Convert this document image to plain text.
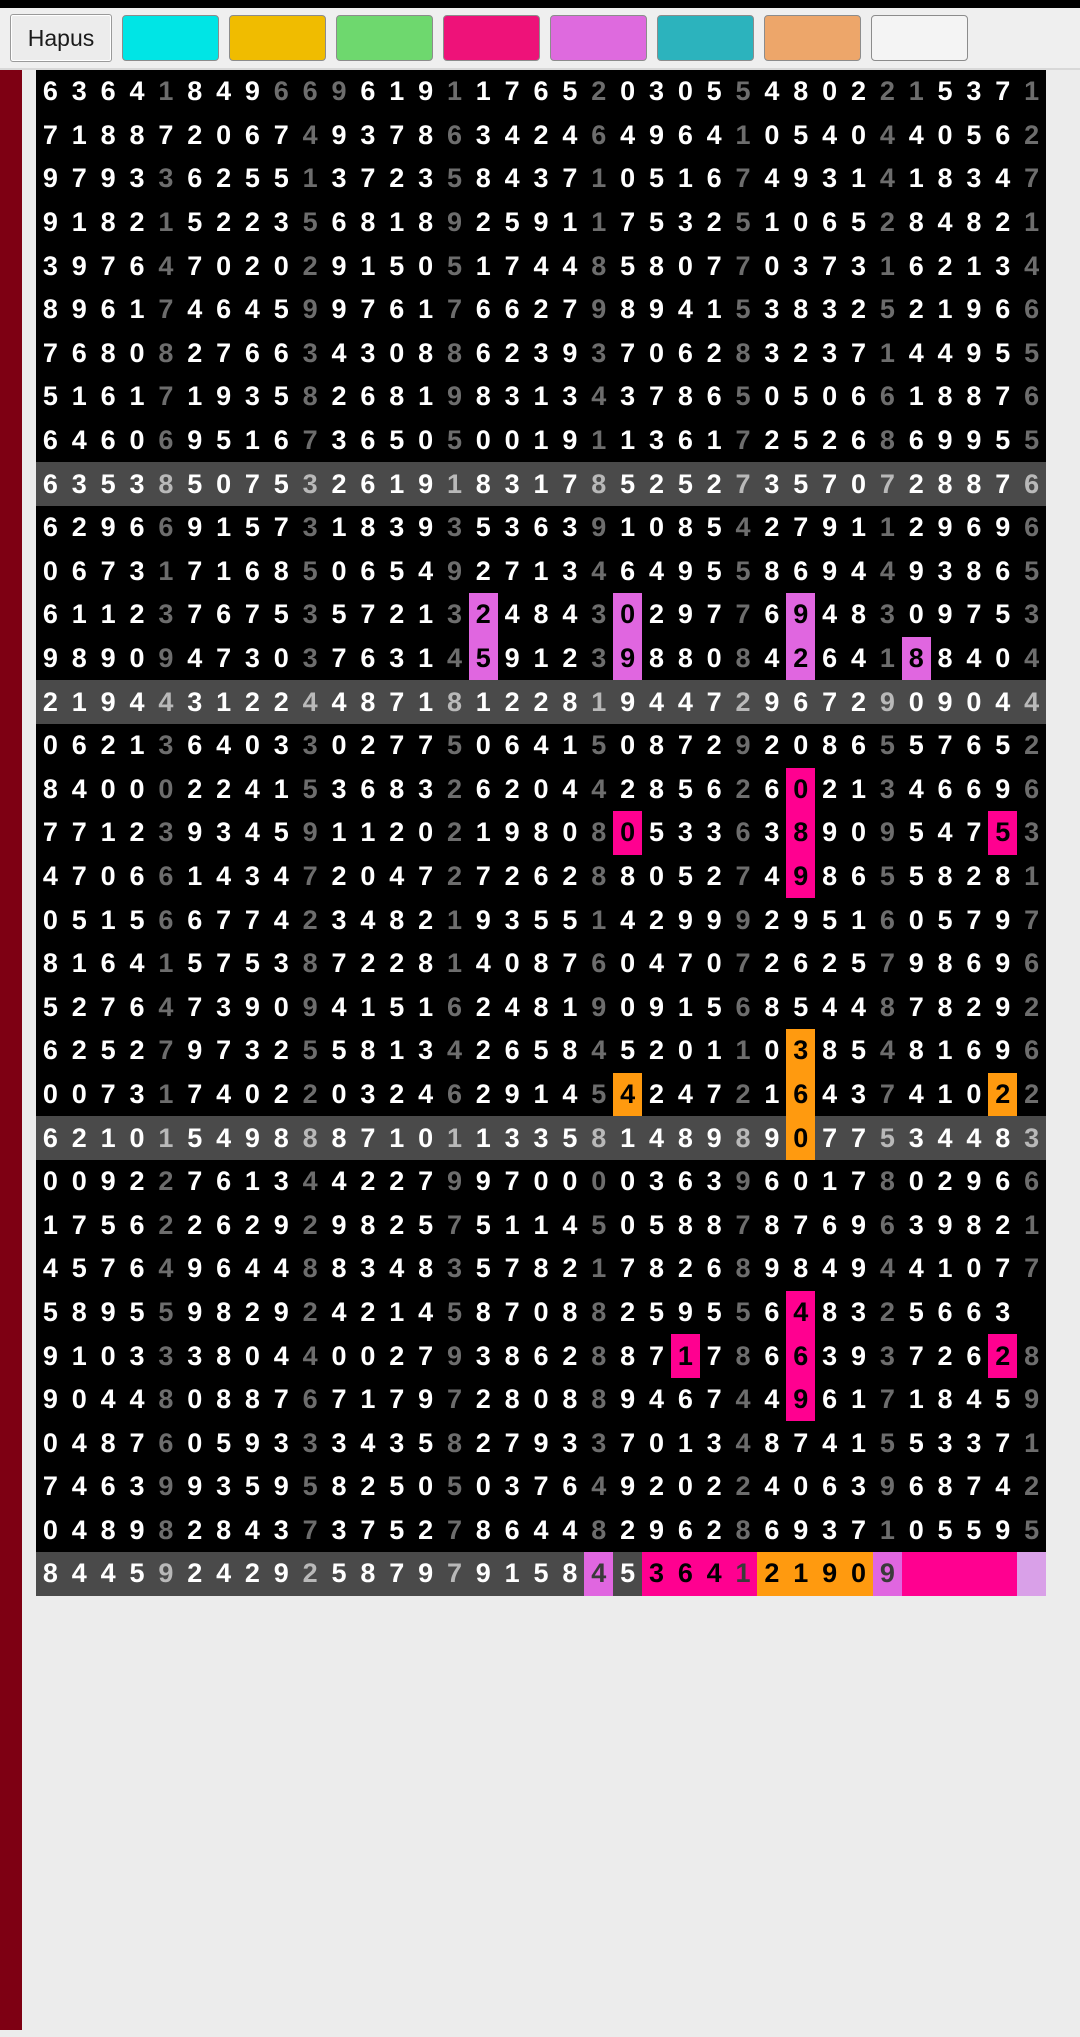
Hapus
6 3 6 4 1 8 4 9 6 6 9 6 1 9 1 1 7 6 5 2 0 3 0 5 5 4 8 0 2 2 1 5 3 7 1
7 1 8 8 7 2 0 6 7 4 9 3 7 8 6 3 4 2 4 6 4 9 6 4 1 0 5 4 0 4 4 0 5 6 2
9 7 9 3 3 6 2 5 5 1 3 7 2 3 5 8 4 3 7 1 0 5 1 6 7 4 9 3 1 4 1 8 3 4 7
9 1 8 2 1 5 2 2 3 5 6 8 1 8 9 2 5 9 1 1 7 5 3 2 5 1 0 6 5 2 8 4 8 2 1
3 9 7 6 4 7 0 2 0 2 9 1 5 0 5 1 7 4 4 8 5 8 0 7 7 0 3 7 3 1 6 2 1 3 4
8 9 6 1 7 4 6 4 5 9 9 7 6 1 7 6 6 2 7 9 8 9 4 1 5 3 8 3 2 5 2 1 9 6 6
7 6 8 0 8 2 7 6 6 3 4 3 0 8 8 6 2 3 9 3 7 0 6 2 8 3 2 3 7 1 4 4 9 5 5
5 1 6 1 7 1 9 3 5 8 2 6 8 1 9 8 3 1 3 4 3 7 8 6 5 0 5 0 6 6 1 8 8 7 6
6 4 6 0 6 9 5 1 6 7 3 6 5 0 5 0 0 1 9 1 1 3 6 1 7 2 5 2 6 8 6 9 9 5 5
6 3 5 3 8 5 0 7 5 3 2 6 1 9 1 8 3 1 7 8 5 2 5 2 7 3 5 7 0 7 2 8 8 7 6
6 2 9 6 6 9 1 5 7 3 1 8 3 9 3 5 3 6 3 9 1 0 8 5 4 2 7 9 1 1 2 9 6 9 6
0 6 7 3 1 7 1 6 8 5 0 6 5 4 9 2 7 1 3 4 6 4 9 5 5 8 6 9 4 4 9 3 8 6 5
6 1 1 2 3 7 6 7 5 3 5 7 2 1 3 2 4 8 4 3 0 2 9 7 7 6 9 4 8 3 0 9 7 5 3
9 8 9 0 9 4 7 3 0 3 7 6 3 1 4 5 9 1 2 3 9 8 8 0 8 4 2 6 4 1 8 8 4 0 4
2 1 9 4 4 3 1 2 2 4 4 8 7 1 8 1 2 2 8 1 9 4 4 7 2 9 6 7 2 9 0 9 0 4 4
0 6 2 1 3 6 4 0 3 3 0 2 7 7 5 0 6 4 1 5 0 8 7 2 9 2 0 8 6 5 5 7 6 5 2
8 4 0 0 0 2 2 4 1 5 3 6 8 3 2 6 2 0 4 4 2 8 5 6 2 6 0 2 1 3 4 6 6 9 6
7 7 1 2 3 9 3 4 5 9 1 1 2 0 2 1 9 8 0 8 0 5 3 3 6 3 8 9 0 9 5 4 7 5 3
4 7 0 6 6 1 4 3 4 7 2 0 4 7 2 7 2 6 2 8 8 0 5 2 7 4 9 8 6 5 5 8 2 8 1
0 5 1 5 6 6 7 7 4 2 3 4 8 2 1 9 3 5 5 1 4 2 9 9 9 2 9 5 1 6 0 5 7 9 7
8 1 6 4 1 5 7 5 3 8 7 2 2 8 1 4 0 8 7 6 0 4 7 0 7 2 6 2 5 7 9 8 6 9 6
5 2 7 6 4 7 3 9 0 9 4 1 5 1 6 2 4 8 1 9 0 9 1 5 6 8 5 4 4 8 7 8 2 9 2
6 2 5 2 7 9 7 3 2 5 5 8 1 3 4 2 6 5 8 4 5 2 0 1 1 0 3 8 5 4 8 1 6 9 6
0 0 7 3 1 7 4 0 2 2 0 3 2 4 6 2 9 1 4 5 4 2 4 7 2 1 6 4 3 7 4 1 0 2 2
6 2 1 0 1 5 4 9 8 8 8 7 1 0 1 1 3 3 5 8 1 4 8 9 8 9 0 7 7 5 3 4 4 8 3
0 0 9 2 2 7 6 1 3 4 4 2 2 7 9 9 7 0 0 0 0 3 6 3 9 6 0 1 7 8 0 2 9 6 6
1 7 5 6 2 2 6 2 9 2 9 8 2 5 7 5 1 1 4 5 0 5 8 8 7 8 7 6 9 6 3 9 8 2 1
4 5 7 6 4 9 6 4 4 8 8 3 4 8 3 5 7 8 2 1 7 8 2 6 8 9 8 4 9 4 4 1 0 7 7
5 8 9 5 5 9 8 2 9 2 4 2 1 4 5 8 7 0 8 8 2 5 9 5 5 6 4 8 3 2 5 6 6 3
9 1 0 3 3 3 8 0 4 4 0 0 2 7 9 3 8 6 2 8 8 7 1 7 8 6 6 3 9 3 7 2 6 2 8
9 0 4 4 8 0 8 8 7 6 7 1 7 9 7 2 8 0 8 8 9 4 6 7 4 4 9 6 1 7 1 8 4 5 9
0 4 8 7 6 0 5 9 3 3 3 4 3 5 8 2 7 9 3 3 7 0 1 3 4 8 7 4 1 5 5 3 3 7 1
7 4 6 3 9 9 3 5 9 5 8 2 5 0 5 0 3 7 6 4 9 2 0 2 2 4 0 6 3 9 6 8 7 4 2
0 4 8 9 8 2 8 4 3 7 3 7 5 2 7 8 6 4 4 8 2 9 6 2 8 6 9 3 7 1 0 5 5 9 5
8 4 4 5 9 2 4 2 9 2 5 8 7 9 7 9 1 5 8 4 5 3 6 4 1 2 1 9 0 9
